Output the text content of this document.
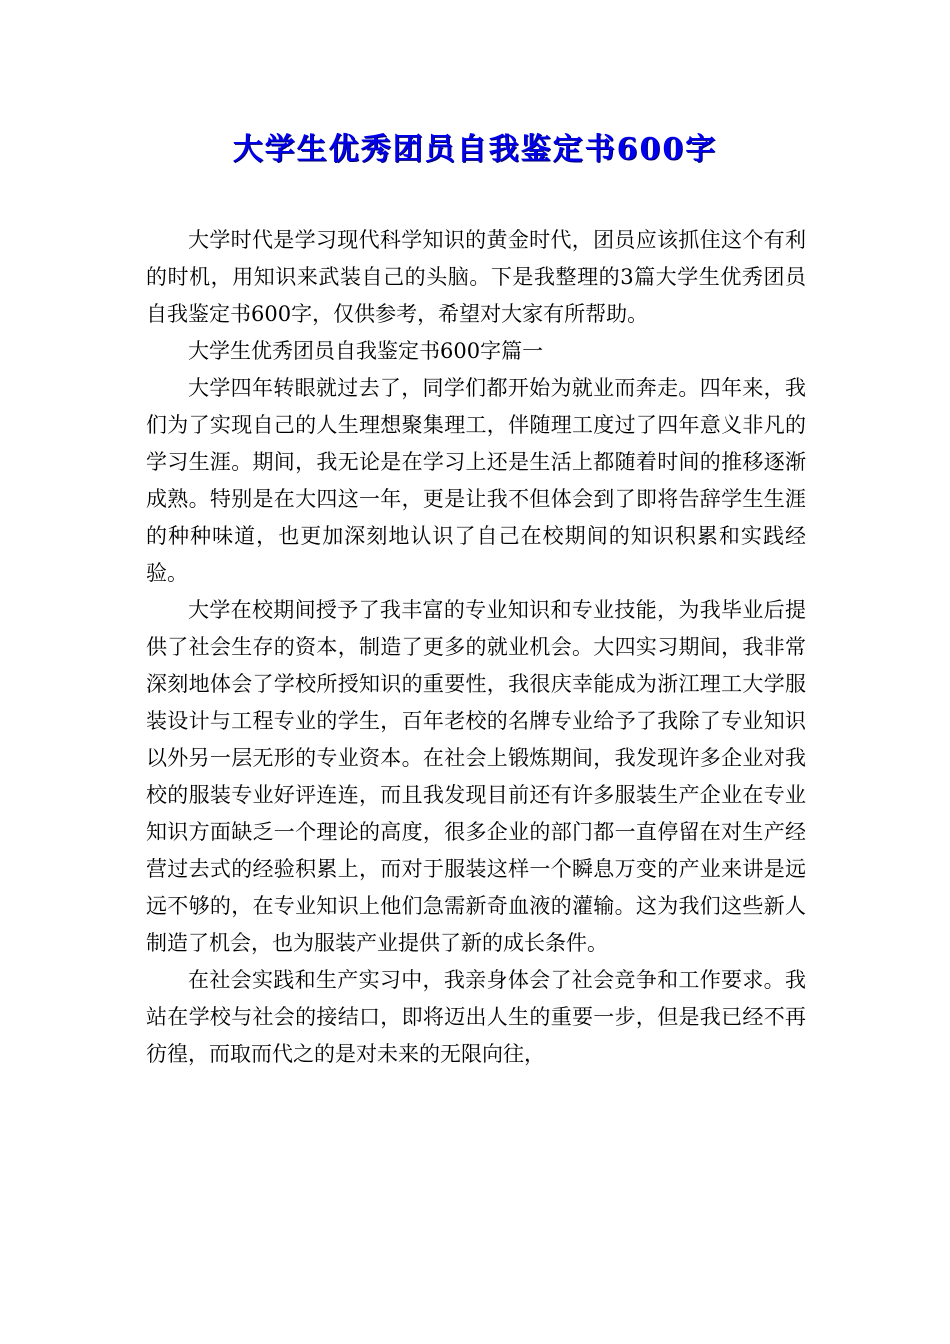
大学生优秀团员自我鉴定书600字

大学时代是学习现代科学知识的黄金时代，团员应该抓住这个有利的时机，用知识来武装自己的头脑。下是我整理的3篇大学生优秀团员自我鉴定书600字，仅供参考，希望对大家有所帮助。

大学生优秀团员自我鉴定书600字篇一

大学四年转眼就过去了，同学们都开始为就业而奔走。四年来，我们为了实现自己的人生理想聚集理工，伴随理工度过了四年意义非凡的学习生涯。期间，我无论是在学习上还是生活上都随着时间的推移逐渐成熟。特别是在大四这一年，更是让我不但体会到了即将告辞学生生涯的种种味道，也更加深刻地认识了自己在校期间的知识积累和实践经验。

大学在校期间授予了我丰富的专业知识和专业技能，为我毕业后提供了社会生存的资本，制造了更多的就业机会。大四实习期间，我非常深刻地体会了学校所授知识的重要性，我很庆幸能成为浙江理工大学服装设计与工程专业的学生，百年老校的名牌专业给予了我除了专业知识以外另一层无形的专业资本。在社会上锻炼期间，我发现许多企业对我校的服装专业好评连连，而且我发现目前还有许多服装生产企业在专业知识方面缺乏一个理论的高度，很多企业的部门都一直停留在对生产经营过去式的经验积累上，而对于服装这样一个瞬息万变的产业来讲是远远不够的，在专业知识上他们急需新奇血液的灌输。这为我们这些新人制造了机会，也为服装产业提供了新的成长条件。

在社会实践和生产实习中，我亲身体会了社会竞争和工作要求。我站在学校与社会的接结口，即将迈出人生的重要一步，但是我已经不再彷徨，而取而代之的是对未来的无限向往，
